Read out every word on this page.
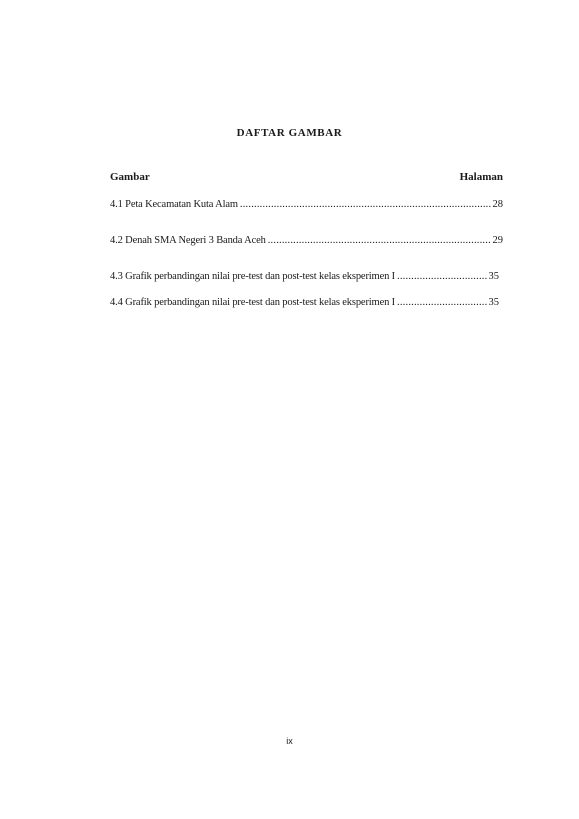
DAFTAR GAMBAR
Gambar	Halaman
4.1 Peta Kecamatan Kuta Alam .....	28
4.2 Denah SMA Negeri 3 Banda Aceh .....	29
4.3 Grafik perbandingan nilai pre-test dan post-test kelas eksperimen I .....	35
4.4 Grafik perbandingan nilai pre-test dan post-test kelas eksperimen I .....	35
ix
